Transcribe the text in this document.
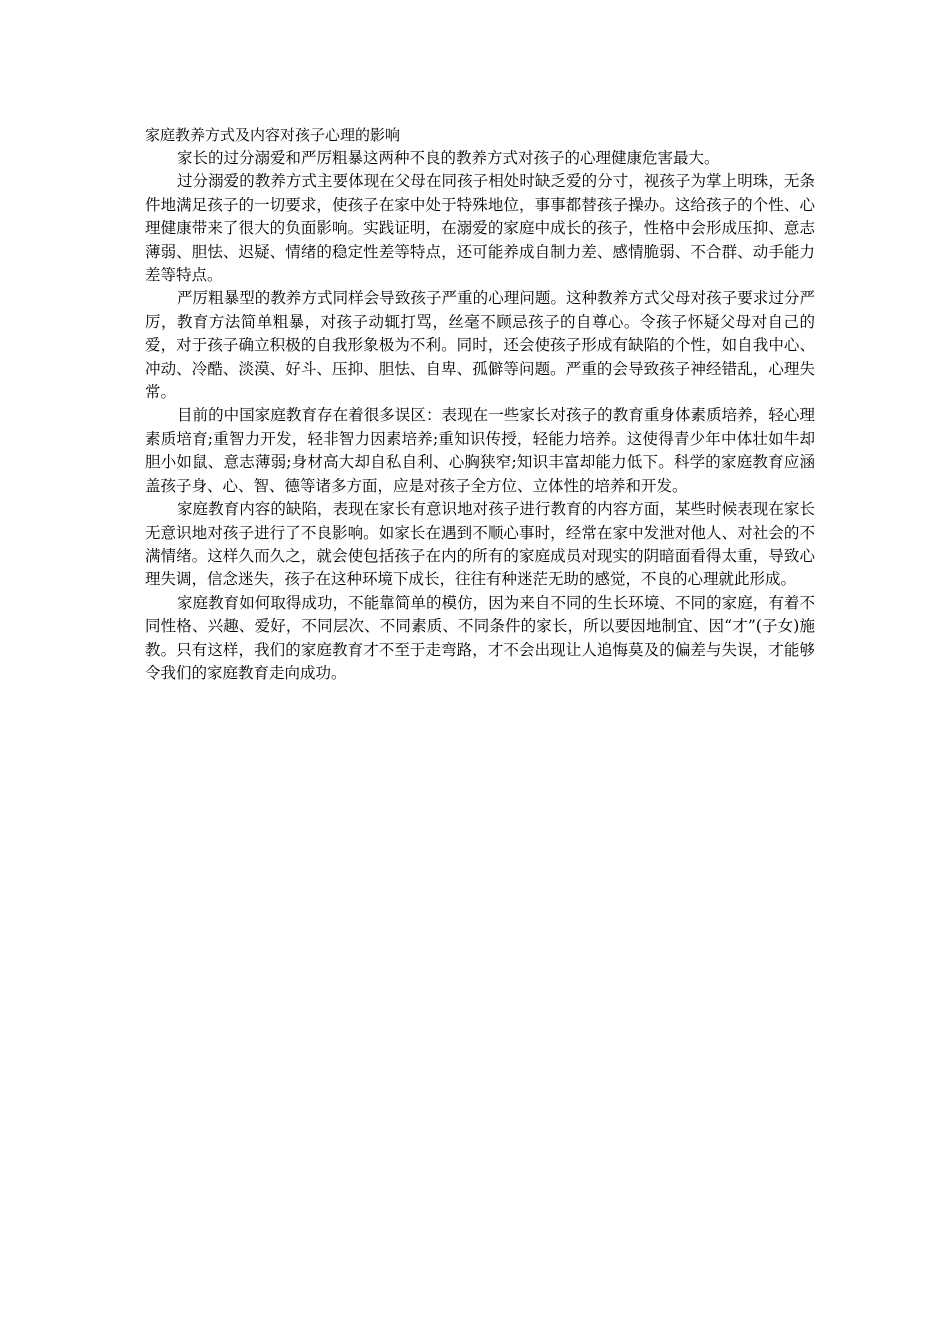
家庭教养方式及内容对孩子心理的影响

家长的过分溺爱和严厉粗暴这两种不良的教养方式对孩子的心理健康危害最大。

过分溺爱的教养方式主要体现在父母在同孩子相处时缺乏爱的分寸，视孩子为掌上明珠，无条件地满足孩子的一切要求，使孩子在家中处于特殊地位，事事都替孩子操办。这给孩子的个性、心理健康带来了很大的负面影响。实践证明，在溺爱的家庭中成长的孩子，性格中会形成压抑、意志薄弱、胆怯、迟疑、情绪的稳定性差等特点，还可能养成自制力差、感情脆弱、不合群、动手能力差等特点。

严厉粗暴型的教养方式同样会导致孩子严重的心理问题。这种教养方式父母对孩子要求过分严厉，教育方法简单粗暴，对孩子动辄打骂，丝毫不顾忌孩子的自尊心。令孩子怀疑父母对自己的爱，对于孩子确立积极的自我形象极为不利。同时，还会使孩子形成有缺陷的个性，如自我中心、冲动、冷酷、淡漠、好斗、压抑、胆怯、自卑、孤僻等问题。严重的会导致孩子神经错乱，心理失常。

目前的中国家庭教育存在着很多误区：表现在一些家长对孩子的教育重身体素质培养，轻心理素质培育;重智力开发，轻非智力因素培养;重知识传授，轻能力培养。这使得青少年中体壮如牛却胆小如鼠、意志薄弱;身材高大却自私自利、心胸狭窄;知识丰富却能力低下。科学的家庭教育应涵盖孩子身、心、智、德等诸多方面，应是对孩子全方位、立体性的培养和开发。

家庭教育内容的缺陷，表现在家长有意识地对孩子进行教育的内容方面，某些时候表现在家长无意识地对孩子进行了不良影响。如家长在遇到不顺心事时，经常在家中发泄对他人、对社会的不满情绪。这样久而久之，就会使包括孩子在内的所有的家庭成员对现实的阴暗面看得太重，导致心理失调，信念迷失，孩子在这种环境下成长，往往有种迷茫无助的感觉，不良的心理就此形成。

家庭教育如何取得成功，不能靠简单的模仿，因为来自不同的生长环境、不同的家庭，有着不同性格、兴趣、爱好，不同层次、不同素质、不同条件的家长，所以要因地制宜、因“才”(子女)施教。只有这样，我们的家庭教育才不至于走弯路，才不会出现让人追悔莫及的偏差与失误，才能够令我们的家庭教育走向成功。
